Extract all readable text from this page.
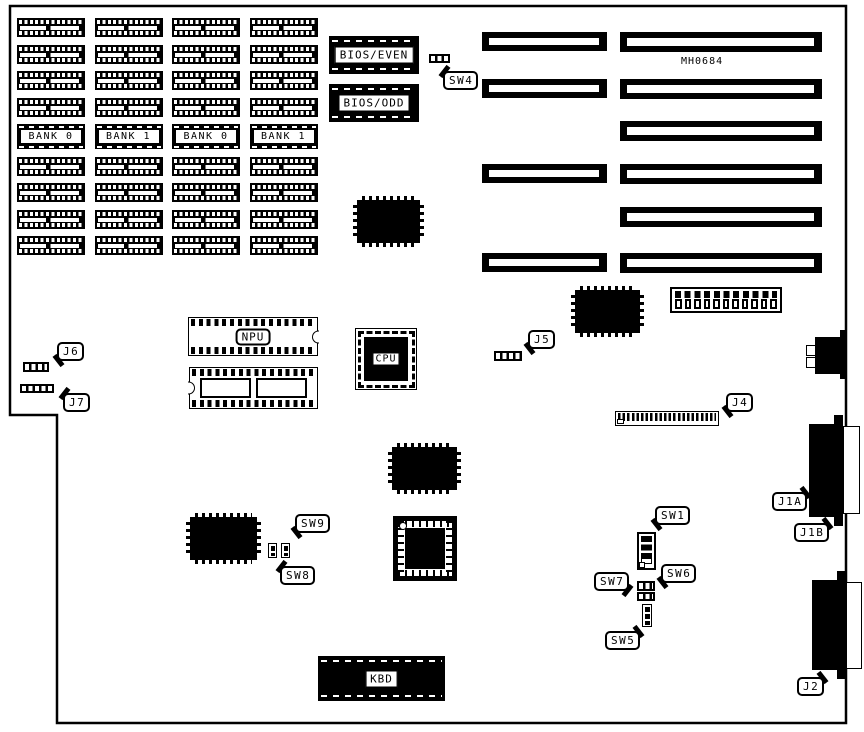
BANK 0	BANK 1	BANK 0	BANK 1
BIOS/EVEN
BIOS/ODD
MH0684
NPU
CPU
KBD
SW4
J6
J7
J5
J4
SW1
SW6
SW7
SW5
SW8
SW9
J1A
J1B
J2
